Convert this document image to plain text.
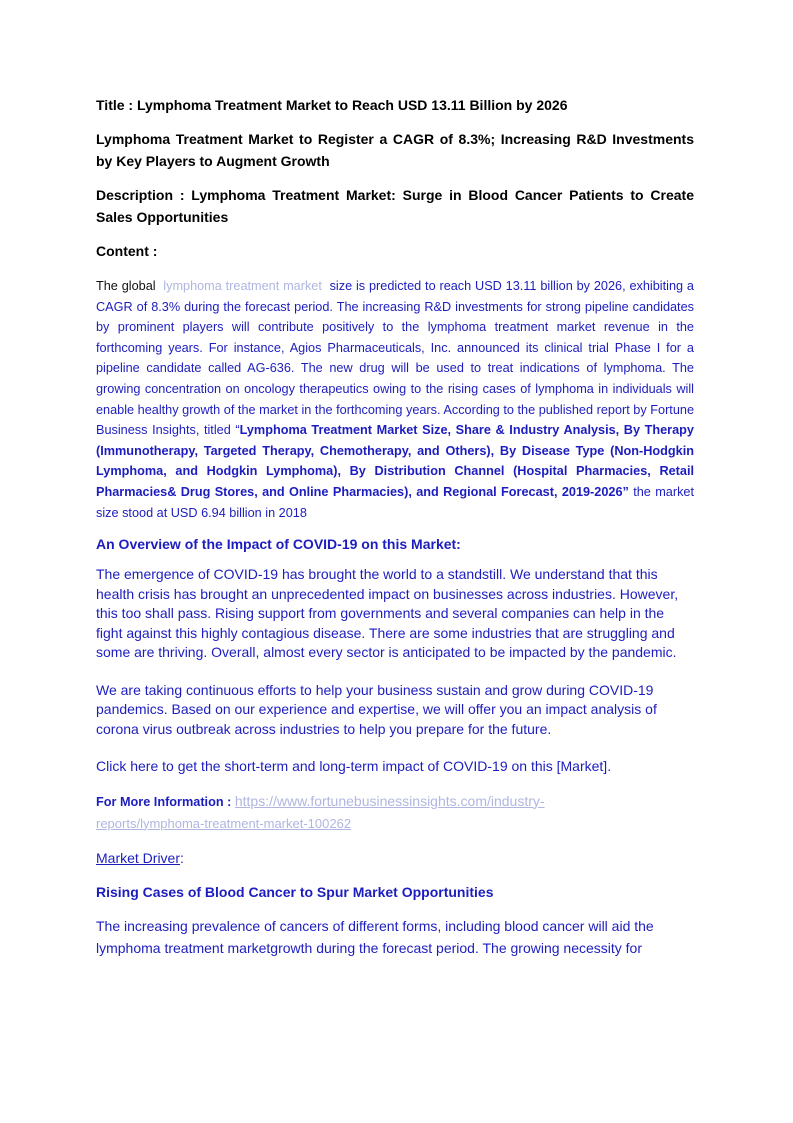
Title : Lymphoma Treatment Market to Reach USD 13.11 Billion by 2026

Lymphoma Treatment Market to Register a CAGR of 8.3%; Increasing R&D Investments by Key Players to Augment Growth

Description : Lymphoma Treatment Market: Surge in Blood Cancer Patients to Create Sales Opportunities

Content :

The global lymphoma treatment market size is predicted to reach USD 13.11 billion by 2026, exhibiting a CAGR of 8.3% during the forecast period. The increasing R&D investments for strong pipeline candidates by prominent players will contribute positively to the lymphoma treatment market revenue in the forthcoming years. For instance, Agios Pharmaceuticals, Inc. announced its clinical trial Phase I for a pipeline candidate called AG-636. The new drug will be used to treat indications of lymphoma. The growing concentration on oncology therapeutics owing to the rising cases of lymphoma in individuals will enable healthy growth of the market in the forthcoming years. According to the published report by Fortune Business Insights, titled “Lymphoma Treatment Market Size, Share & Industry Analysis, By Therapy (Immunotherapy, Targeted Therapy, Chemotherapy, and Others), By Disease Type (Non-Hodgkin Lymphoma, and Hodgkin Lymphoma), By Distribution Channel (Hospital Pharmacies, Retail Pharmacies& Drug Stores, and Online Pharmacies), and Regional Forecast, 2019-2026” the market size stood at USD 6.94 billion in 2018

An Overview of the Impact of COVID-19 on this Market:

The emergence of COVID-19 has brought the world to a standstill. We understand that this health crisis has brought an unprecedented impact on businesses across industries. However, this too shall pass. Rising support from governments and several companies can help in the fight against this highly contagious disease. There are some industries that are struggling and some are thriving. Overall, almost every sector is anticipated to be impacted by the pandemic.

We are taking continuous efforts to help your business sustain and grow during COVID-19 pandemics. Based on our experience and expertise, we will offer you an impact analysis of corona virus outbreak across industries to help you prepare for the future.

Click here to get the short-term and long-term impact of COVID-19 on this [Market].

For More Information : https://www.fortunebusinessinsights.com/industry-
reports/lymphoma-treatment-market-100262

Market Driver:

Rising Cases of Blood Cancer to Spur Market Opportunities

The increasing prevalence of cancers of different forms, including blood cancer will aid the lymphoma treatment marketgrowth during the forecast period. The growing necessity for
